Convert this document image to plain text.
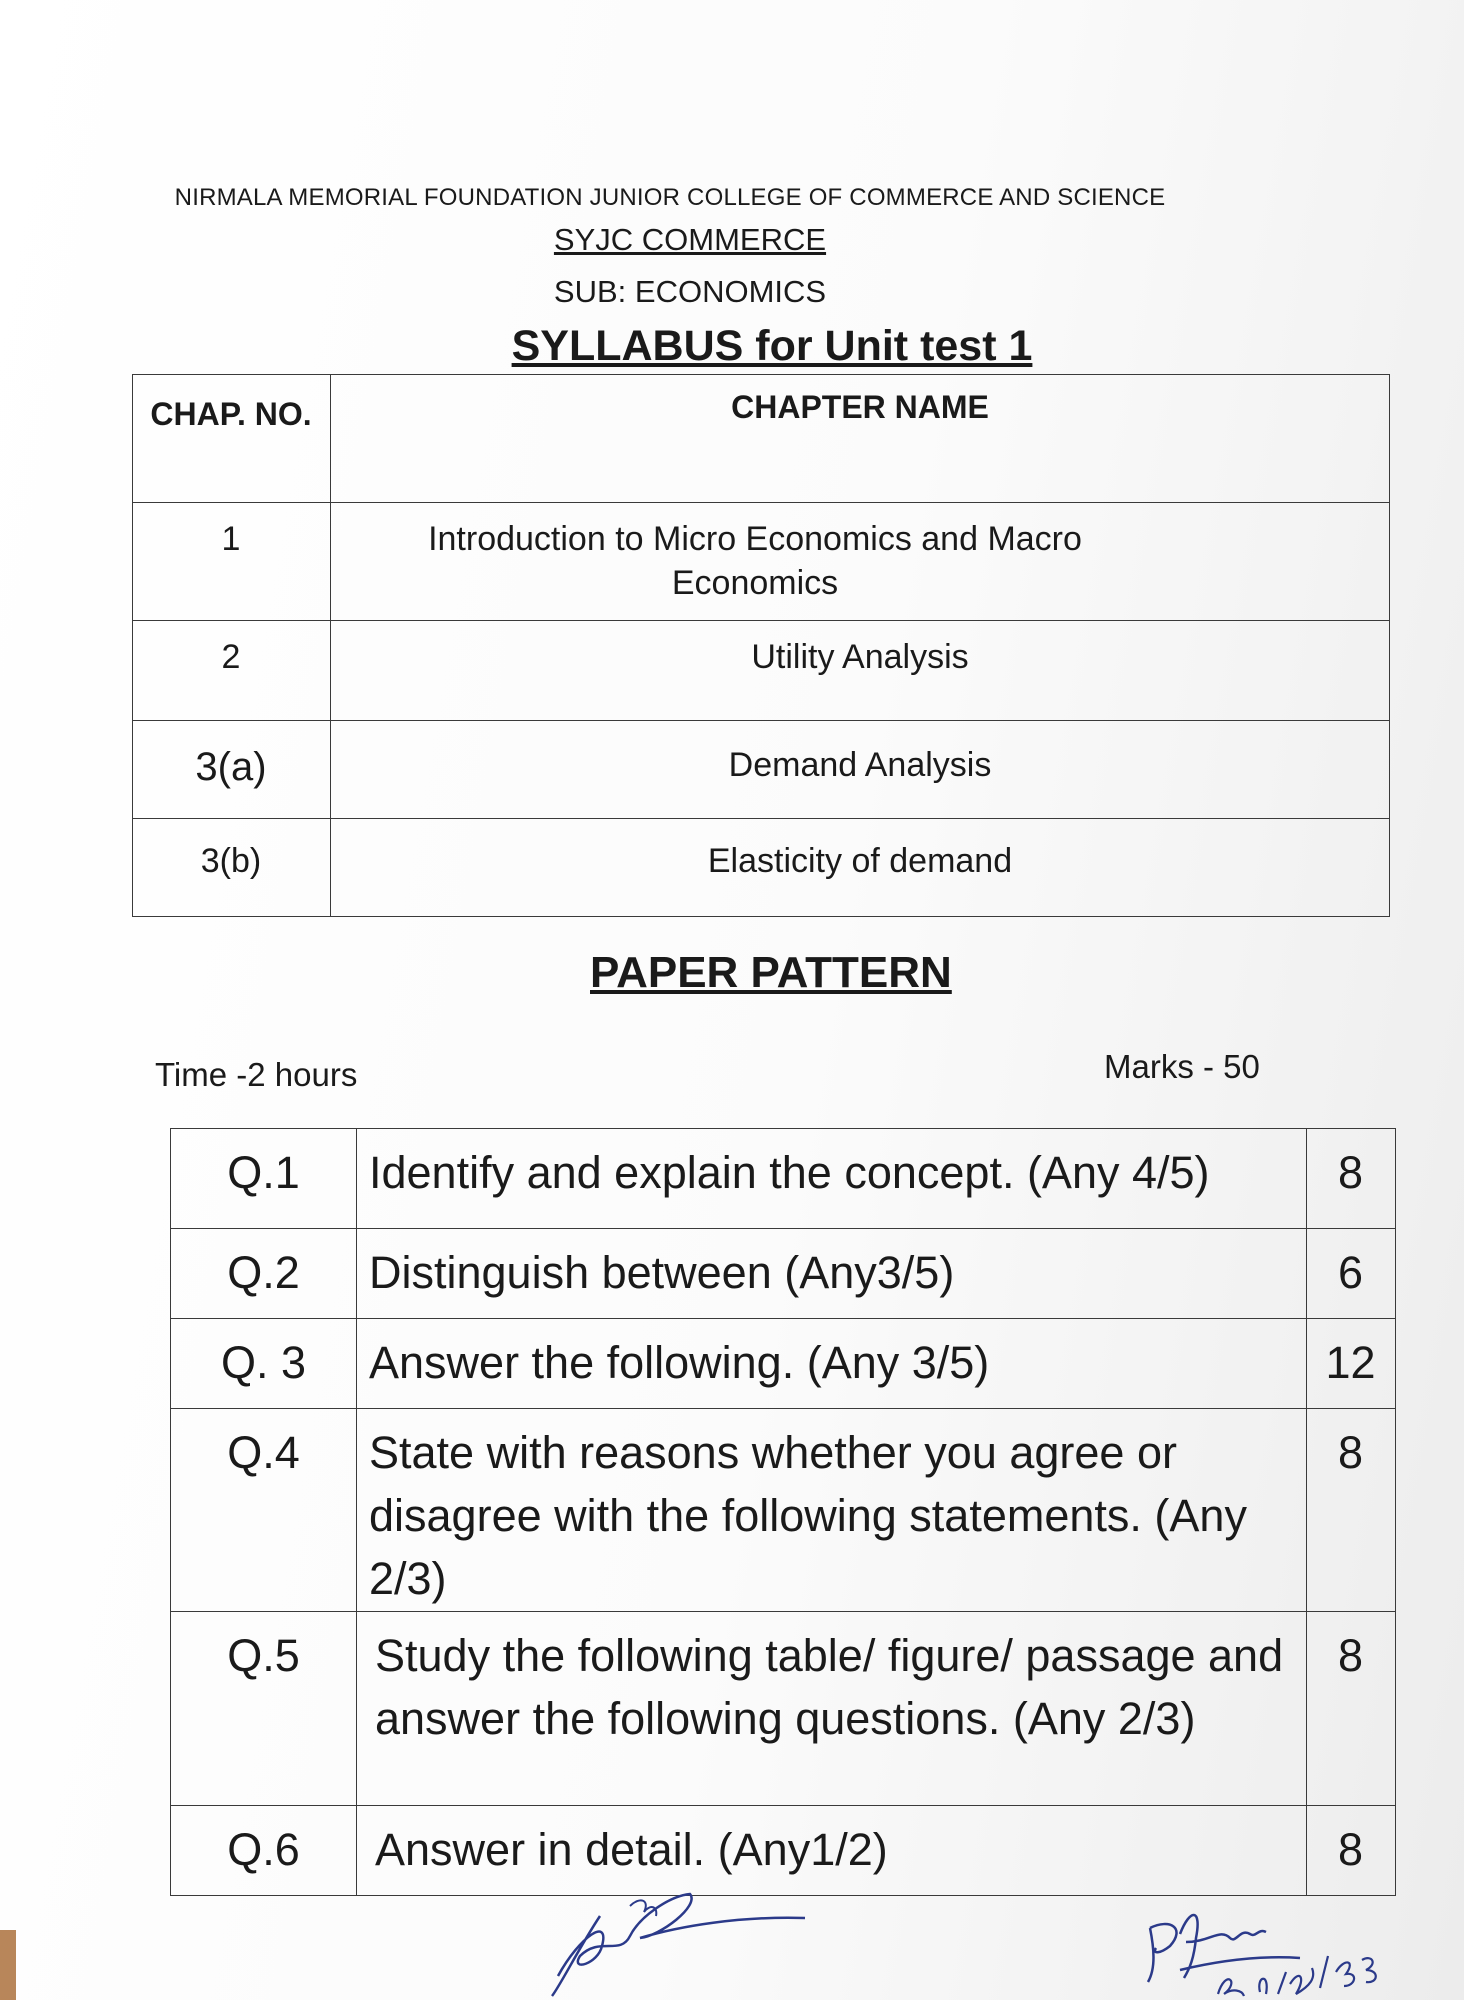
NIRMALA MEMORIAL FOUNDATION JUNIOR COLLEGE OF COMMERCE AND SCIENCE

SYJC COMMERCE

SUB: ECONOMICS

SYLLABUS for Unit test 1

CHAP. NO.	CHAPTER NAME
1	Introduction to Micro Economics and Macro Economics
2	Utility Analysis
3(a)	Demand Analysis
3(b)	Elasticity of demand

PAPER PATTERN

Time -2 hours	Marks - 50
Q.1	Identify and explain the concept. (Any 4/5)	8
Q.2	Distinguish between (Any3/5)	6
Q. 3	Answer the following. (Any 3/5)	12
Q.4	State with reasons whether you agree or disagree with the following statements. (Any 2/3)	8
Q.5	Study the following table/ figure/ passage and answer the following questions. (Any 2/3)	8
Q.6	Answer in detail. (Any1/2)	8
